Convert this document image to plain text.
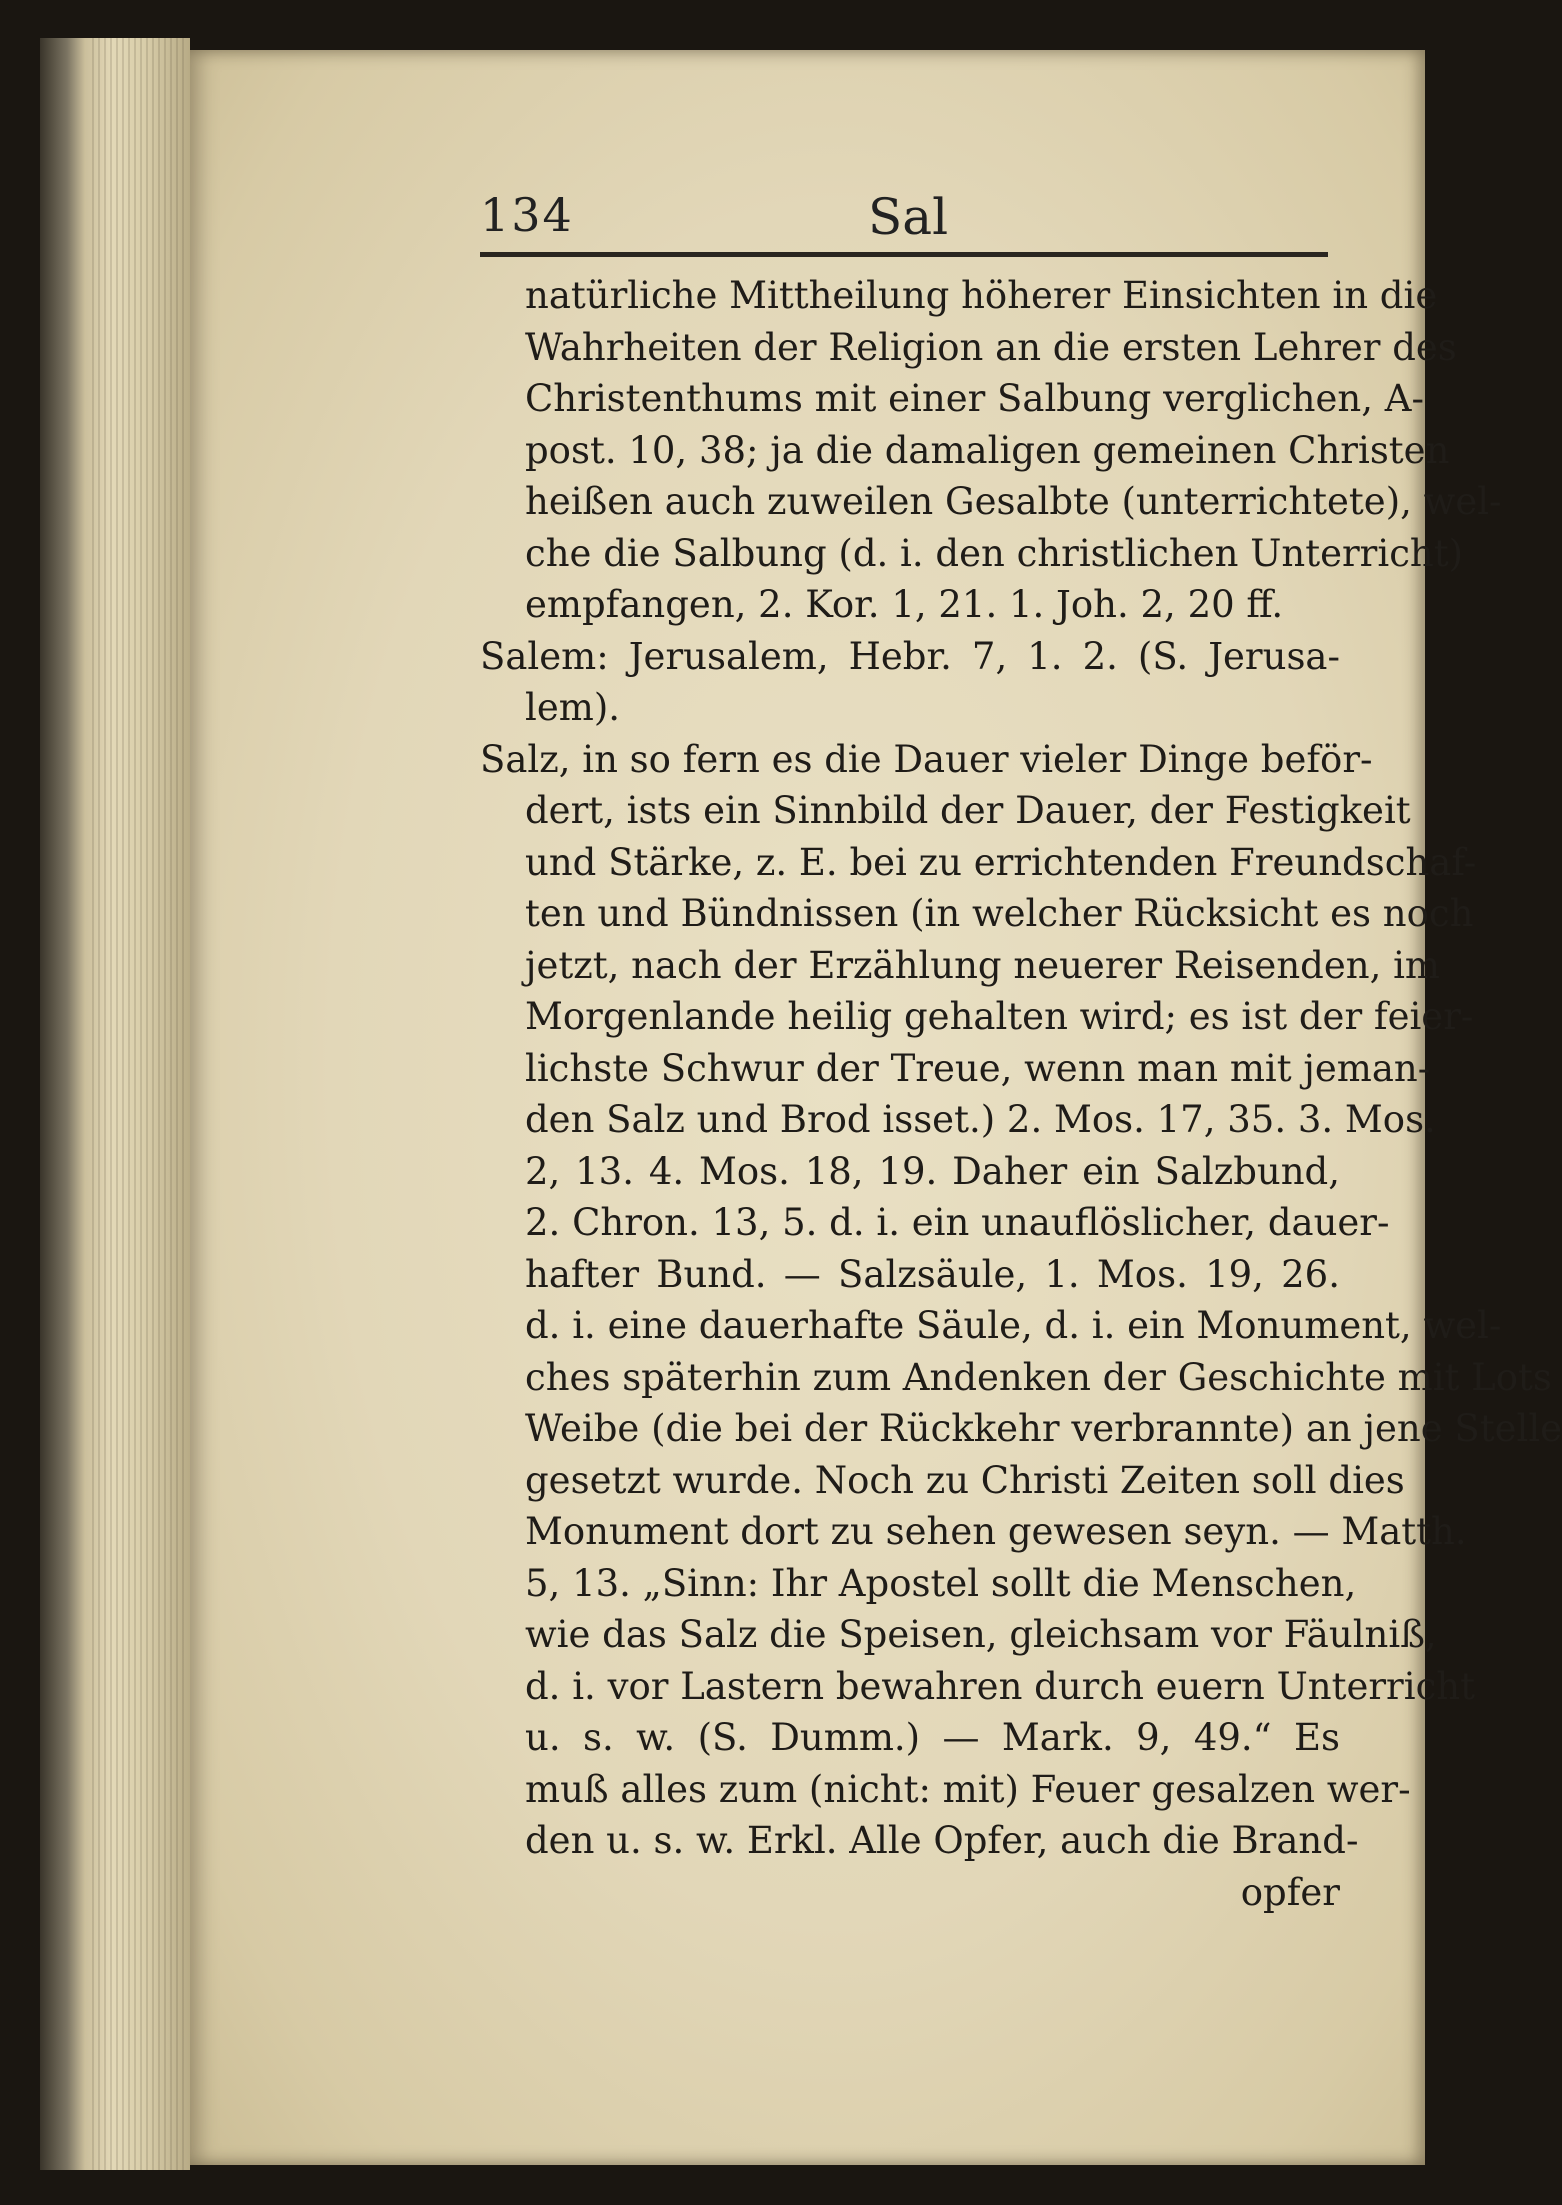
134	Sal
natürliche Mittheilung höherer Einsichten in die
Wahrheiten der Religion an die ersten Lehrer des
Christenthums mit einer Salbung verglichen, A-
post. 10, 38; ja die damaligen gemeinen Christen
heißen auch zuweilen Gesalbte (unterrichtete), wel-
che die Salbung (d. i. den christlichen Unterricht)
empfangen, 2. Kor. 1, 21. 1. Joh. 2, 20 ff.
Salem: Jerusalem, Hebr. 7, 1. 2. (S. Jerusa-
lem).
Salz, in so fern es die Dauer vieler Dinge beför-
dert, ists ein Sinnbild der Dauer, der Festigkeit
und Stärke, z. E. bei zu errichtenden Freundschaf-
ten und Bündnissen (in welcher Rücksicht es noch
jetzt, nach der Erzählung neuerer Reisenden, im
Morgenlande heilig gehalten wird; es ist der feier-
lichste Schwur der Treue, wenn man mit jeman-
den Salz und Brod isset.) 2. Mos. 17, 35. 3. Mos.
2, 13. 4. Mos. 18, 19. Daher ein Salzbund,
2. Chron. 13, 5. d. i. ein unauflöslicher, dauer-
hafter Bund. — Salzsäule, 1. Mos. 19, 26.
d. i. eine dauerhafte Säule, d. i. ein Monument, wel-
ches späterhin zum Andenken der Geschichte mit Lots
Weibe (die bei der Rückkehr verbrannte) an jene Stelle
gesetzt wurde. Noch zu Christi Zeiten soll dies
Monument dort zu sehen gewesen seyn. — Matth.
5, 13. „Sinn: Ihr Apostel sollt die Menschen,
wie das Salz die Speisen, gleichsam vor Fäulniß,
d. i. vor Lastern bewahren durch euern Unterricht
u. s. w. (S. Dumm.) — Mark. 9, 49.“ Es
muß alles zum (nicht: mit) Feuer gesalzen wer-
den u. s. w. Erkl. Alle Opfer, auch die Brand-
opfer
